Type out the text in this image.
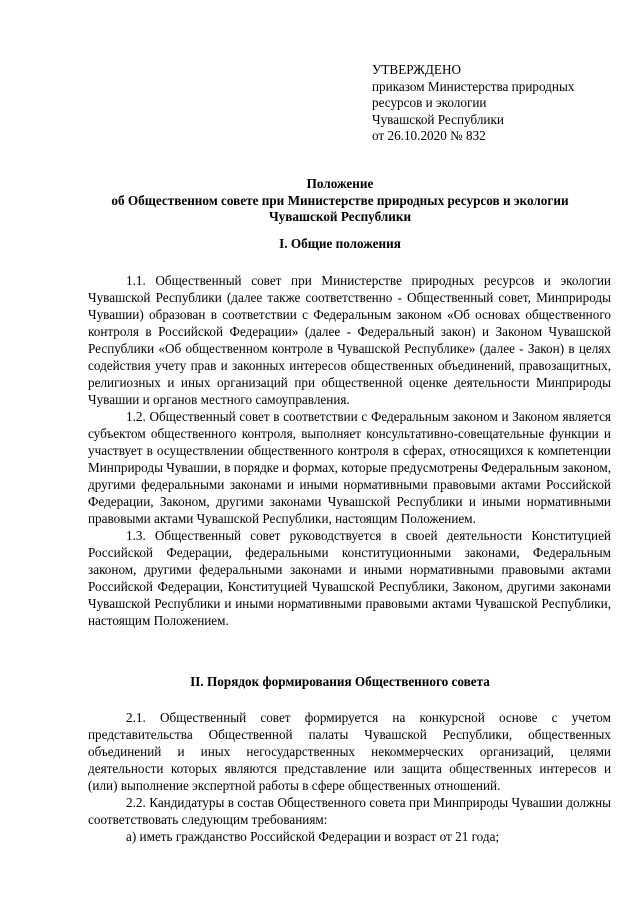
УТВЕРЖДЕНО
приказом Министерства природных
ресурсов и экологии
Чувашской Республики
от 26.10.2020 № 832
Положение
об Общественном совете при Министерстве природных ресурсов и экологии
Чувашской Республики
I. Общие положения

1.1. Общественный совет при Министерстве природных ресурсов и экологии Чувашской Республики (далее также соответственно - Общественный совет, Минприроды Чувашии) образован в соответствии с Федеральным законом «Об основах общественного контроля в Российской Федерации» (далее - Федеральный закон) и Законом Чувашской Республики «Об общественном контроле в Чувашской Республике» (далее - Закон) в целях содействия учету прав и законных интересов общественных объединений, правозащитных, религиозных и иных организаций при общественной оценке деятельности Минприроды Чувашии и органов местного самоуправления.

1.2. Общественный совет в соответствии с Федеральным законом и Законом является субъектом общественного контроля, выполняет консультативно-совещательные функции и участвует в осуществлении общественного контроля в сферах, относящихся к компетенции Минприроды Чувашии, в порядке и формах, которые предусмотрены Федеральным законом, другими федеральными законами и иными нормативными правовыми актами Российской Федерации, Законом, другими законами Чувашской Республики и иными нормативными правовыми актами Чувашской Республики, настоящим Положением.

1.3. Общественный совет руководствуется в своей деятельности Конституцией Российской Федерации, федеральными конституционными законами, Федеральным законом, другими федеральными законами и иными нормативными правовыми актами Российской Федерации, Конституцией Чувашской Республики, Законом, другими законами Чувашской Республики и иными нормативными правовыми актами Чувашской Республики, настоящим Положением.

II. Порядок формирования Общественного совета

2.1. Общественный совет формируется на конкурсной основе с учетом представительства Общественной палаты Чувашской Республики, общественных объединений и иных негосударственных некоммерческих организаций, целями деятельности которых являются представление или защита общественных интересов и (или) выполнение экспертной работы в сфере общественных отношений.

2.2. Кандидатуры в состав Общественного совета при Минприроды Чувашии должны соответствовать следующим требованиям:

а) иметь гражданство Российской Федерации и возраст от 21 года;
